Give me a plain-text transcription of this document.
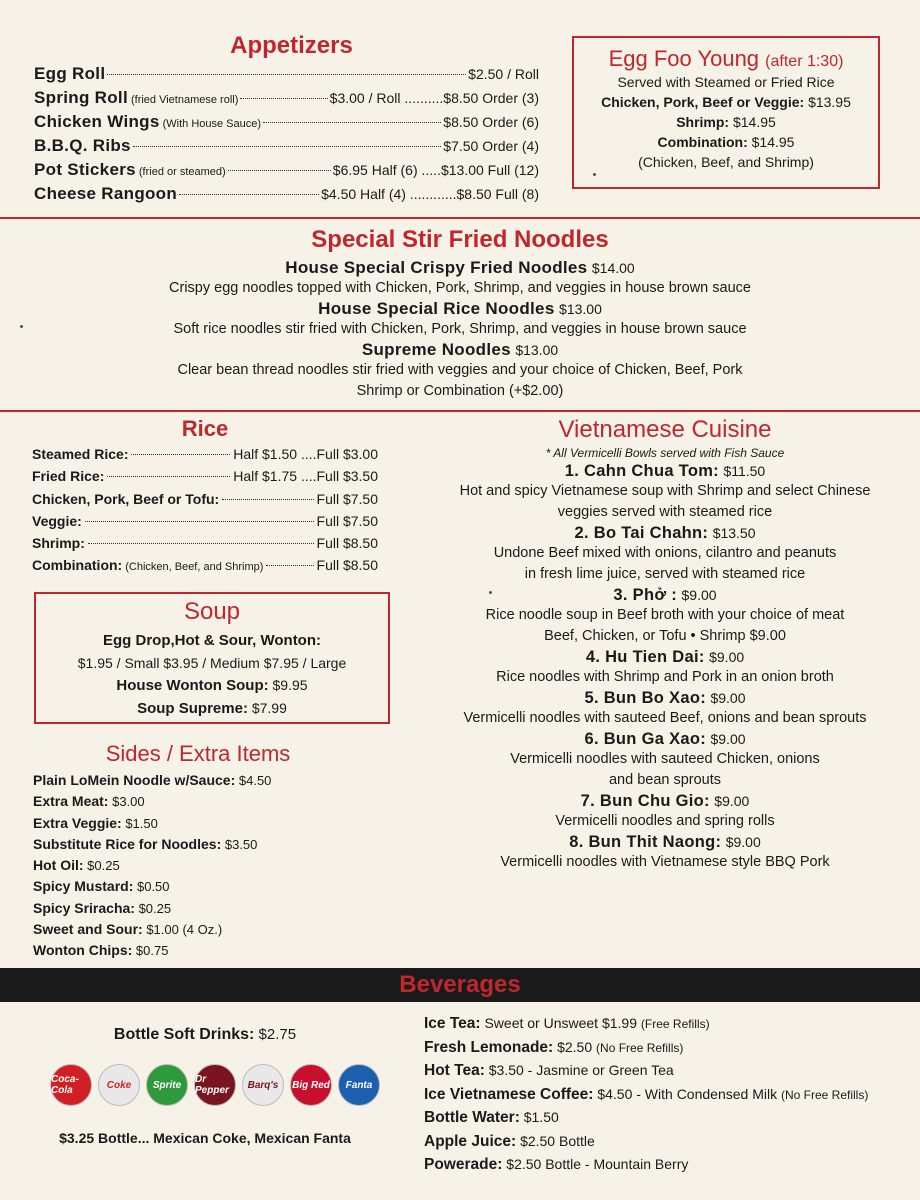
Appetizers
Egg Roll	$2.50 / Roll
Spring Roll (fried Vietnamese roll)	$3.00 / Roll ..........$8.50 Order (3)
Chicken Wings (With House Sauce)	$8.50 Order (6)
B.B.Q. Ribs	$7.50 Order (4)
Pot Stickers (fried or steamed)	$6.95 Half (6) .....$13.00 Full (12)
Cheese Rangoon	$4.50 Half (4) ............$8.50 Full (8)
Egg Foo Young (after 1:30)
Served with Steamed or Fried Rice
Chicken, Pork, Beef or Veggie: $13.95
Shrimp: $14.95
Combination: $14.95
(Chicken, Beef, and Shrimp)
Special Stir Fried Noodles
House Special Crispy Fried Noodles $14.00
Crispy egg noodles topped with Chicken, Pork, Shrimp, and veggies in house brown sauce
House Special Rice Noodles $13.00
Soft rice noodles stir fried with Chicken, Pork, Shrimp, and veggies in house brown sauce
Supreme Noodles $13.00
Clear bean thread noodles stir fried with veggies and your choice of Chicken, Beef, Pork
Shrimp or Combination (+$2.00)
Rice
Steamed Rice:	Half $1.50 ....Full $3.00
Fried Rice:	Half $1.75 ....Full $3.50
Chicken, Pork, Beef or Tofu:	Full $7.50
Veggie:	Full $7.50
Shrimp:	Full $8.50
Combination: (Chicken, Beef, and Shrimp)	Full $8.50
Soup
Egg Drop,Hot & Sour, Wonton:
$1.95 / Small $3.95 / Medium $7.95 / Large
House Wonton Soup: $9.95
Soup Supreme: $7.99
Sides / Extra Items
Plain LoMein Noodle w/Sauce: $4.50
Extra Meat: $3.00
Extra Veggie: $1.50
Substitute Rice for Noodles: $3.50
Hot Oil: $0.25
Spicy Mustard: $0.50
Spicy Sriracha: $0.25
Sweet and Sour: $1.00 (4 Oz.)
Wonton Chips: $0.75
Vietnamese Cuisine
* All Vermicelli Bowls served with Fish Sauce
1. Cahn Chua Tom: $11.50
Hot and spicy Vietnamese soup with Shrimp and select Chinese
veggies served with steamed rice
2. Bo Tai Chahn: $13.50
Undone Beef mixed with onions, cilantro and peanuts
in fresh lime juice, served with steamed rice
3. Phở : $9.00
Rice noodle soup in Beef broth with your choice of meat
Beef, Chicken, or Tofu • Shrimp $9.00
4. Hu Tien Dai: $9.00
Rice noodles with Shrimp and Pork in an onion broth
5. Bun Bo Xao: $9.00
Vermicelli noodles with sauteed Beef, onions and bean sprouts
6. Bun Ga Xao: $9.00
Vermicelli noodles with sauteed Chicken, onions
and bean sprouts
7. Bun Chu Gio: $9.00
Vermicelli noodles and spring rolls
8. Bun Thit Naong: $9.00
Vermicelli noodles with Vietnamese style BBQ Pork
Beverages
Bottle Soft Drinks: $2.75
Coca-Cola	Coke	Sprite	Dr Pepper	Barq's	Big Red	Fanta
$3.25 Bottle... Mexican Coke, Mexican Fanta
Ice Tea: Sweet or Unsweet $1.99 (Free Refills)
Fresh Lemonade: $2.50 (No Free Refills)
Hot Tea: $3.50 - Jasmine or Green Tea
Ice Vietnamese Coffee: $4.50 - With Condensed Milk (No Free Refills)
Bottle Water: $1.50
Apple Juice: $2.50 Bottle
Powerade: $2.50 Bottle - Mountain Berry
